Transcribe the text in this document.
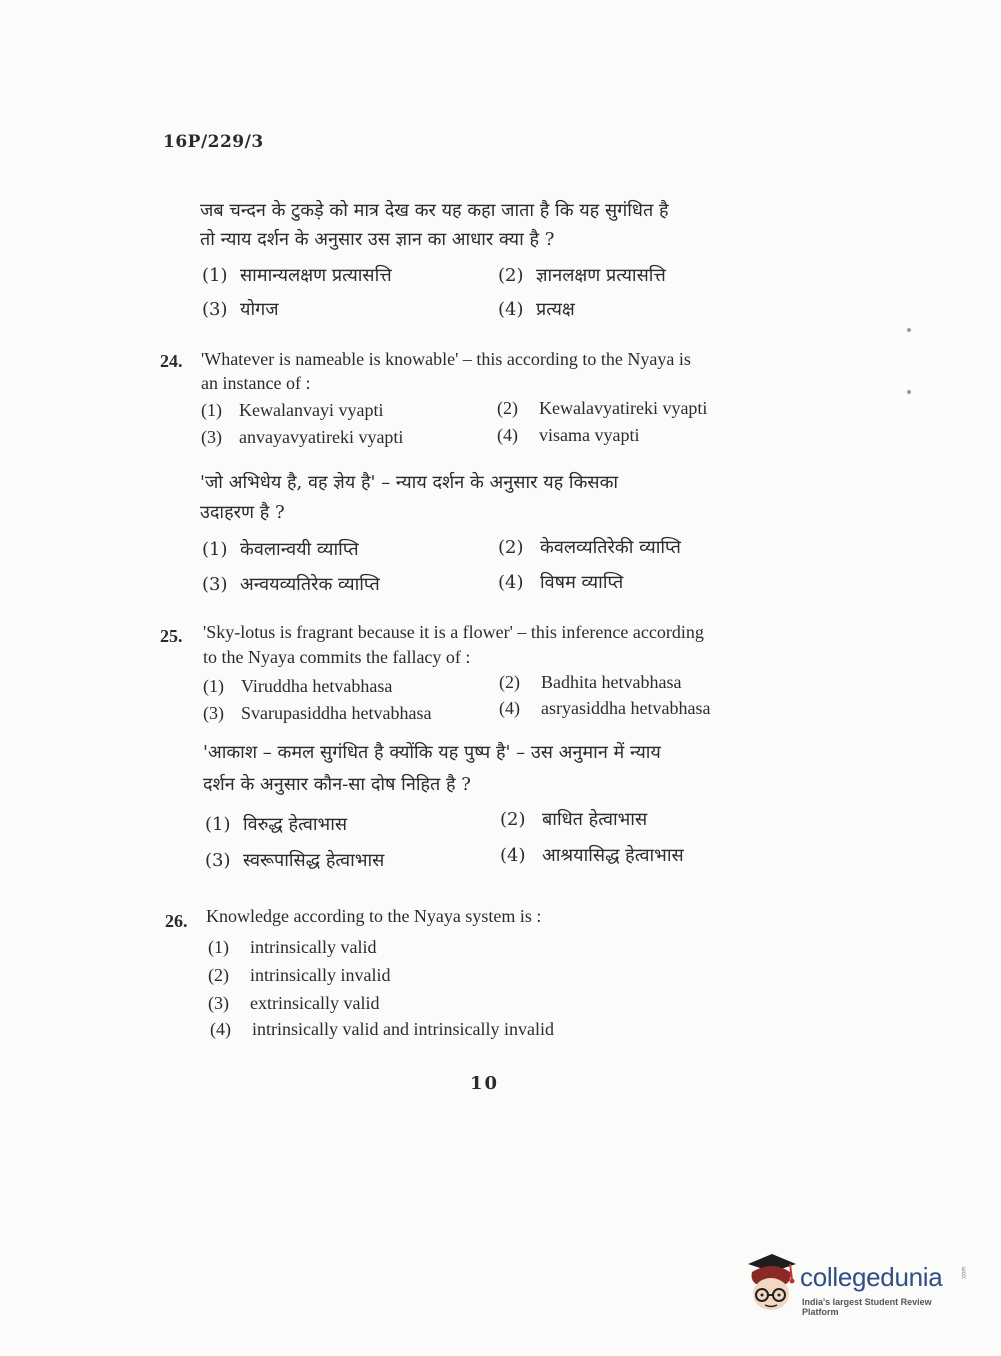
16P/229/3
जब चन्दन के टुकड़े को मात्र देख कर यह कहा जाता है कि यह सुगंधित है
तो न्याय दर्शन के अनुसार उस ज्ञान का आधार क्या है ?
(1) सामान्यलक्षण प्रत्यासत्ति	(2) ज्ञानलक्षण प्रत्यासत्ति
(3) योगज	(4) प्रत्यक्ष
24. 'Whatever is nameable is knowable' – this according to the Nyaya is
an instance of :
(1) Kewalanvayi vyapti	(2) Kewalavyatireki vyapti
(3) anvayavyatireki vyapti	(4) visama vyapti
'जो अभिधेय है, वह ज्ञेय है' – न्याय दर्शन के अनुसार यह किसका
उदाहरण है ?
(1) केवलान्वयी व्याप्ति	(2) केवलव्यतिरेकी व्याप्ति
(3) अन्वयव्यतिरेक व्याप्ति	(4) विषम व्याप्ति
25. 'Sky-lotus is fragrant because it is a flower' – this inference according
to the Nyaya commits the fallacy of :
(1) Viruddha hetvabhasa	(2) Badhita hetvabhasa
(3) Svarupasiddha hetvabhasa	(4) asryasiddha hetvabhasa
'आकाश – कमल सुगंधित है क्योंकि यह पुष्प है' – उस अनुमान में न्याय
दर्शन के अनुसार कौन-सा दोष निहित है ?
(1) विरुद्ध हेत्वाभास	(2) बाधित हेत्वाभास
(3) स्वरूपासिद्ध हेत्वाभास	(4) आश्रयासिद्ध हेत्वाभास
26. Knowledge according to the Nyaya system is :
(1) intrinsically valid
(2) intrinsically invalid
(3) extrinsically valid
(4) intrinsically valid and intrinsically invalid
10
collegedunia	.com
India's largest Student Review Platform
